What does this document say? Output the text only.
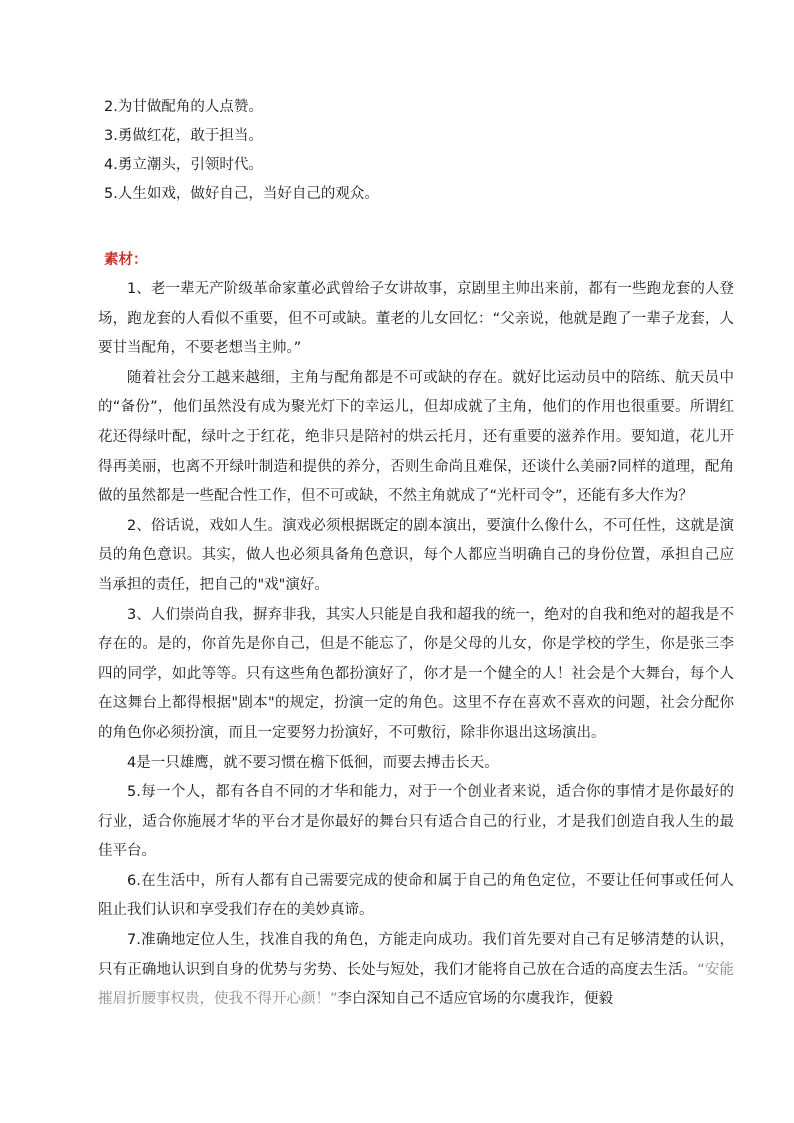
2.为甘做配角的人点赞。
3.勇做红花，敢于担当。
4.勇立潮头，引领时代。
5.人生如戏，做好自己，当好自己的观众。
素材：

1、老一辈无产阶级革命家董必武曾给子女讲故事，京剧里主帅出来前，都有一些跑龙套的人登场，跑龙套的人看似不重要，但不可或缺。董老的儿女回忆：“父亲说，他就是跑了一辈子龙套，人要甘当配角，不要老想当主帅。”

随着社会分工越来越细，主角与配角都是不可或缺的存在。就好比运动员中的陪练、航天员中的“备份”，他们虽然没有成为聚光灯下的幸运儿，但却成就了主角，他们的作用也很重要。所谓红花还得绿叶配，绿叶之于红花，绝非只是陪衬的烘云托月，还有重要的滋养作用。要知道，花儿开得再美丽，也离不开绿叶制造和提供的养分，否则生命尚且难保，还谈什么美丽?同样的道理，配角做的虽然都是一些配合性工作，但不可或缺，不然主角就成了“光杆司令”，还能有多大作为？

2、俗话说，戏如人生。演戏必须根据既定的剧本演出，要演什么像什么，不可任性，这就是演员的角色意识。其实，做人也必须具备角色意识，每个人都应当明确自己的身份位置，承担自己应当承担的责任，把自己的"戏"演好。

3、人们崇尚自我，摒弃非我，其实人只能是自我和超我的统一，绝对的自我和绝对的超我是不存在的。是的，你首先是你自己，但是不能忘了，你是父母的儿女，你是学校的学生，你是张三李四的同学，如此等等。只有这些角色都扮演好了，你才是一个健全的人！社会是个大舞台，每个人在这舞台上都得根据"剧本"的规定，扮演一定的角色。这里不存在喜欢不喜欢的问题，社会分配你的角色你必须扮演，而且一定要努力扮演好，不可敷衍，除非你退出这场演出。

4是一只雄鹰，就不要习惯在檐下低徊，而要去搏击长天。

5.每一个人，都有各自不同的才华和能力，对于一个创业者来说，适合你的事情才是你最好的行业，适合你施展才华的平台才是你最好的舞台只有适合自己的行业，才是我们创造自我人生的最佳平台。

6.在生活中，所有人都有自己需要完成的使命和属于自己的角色定位，不要让任何事或任何人阻止我们认识和享受我们存在的美妙真谛。

7.准确地定位人生，找准自我的角色，方能走向成功。我们首先要对自己有足够清楚的认识，只有正确地认识到自身的优势与劣势、长处与短处，我们才能将自己放在合适的高度去生活。“安能摧眉折腰事权贵，使我不得开心颜！”李白深知自己不适应官场的尔虞我诈，便毅
